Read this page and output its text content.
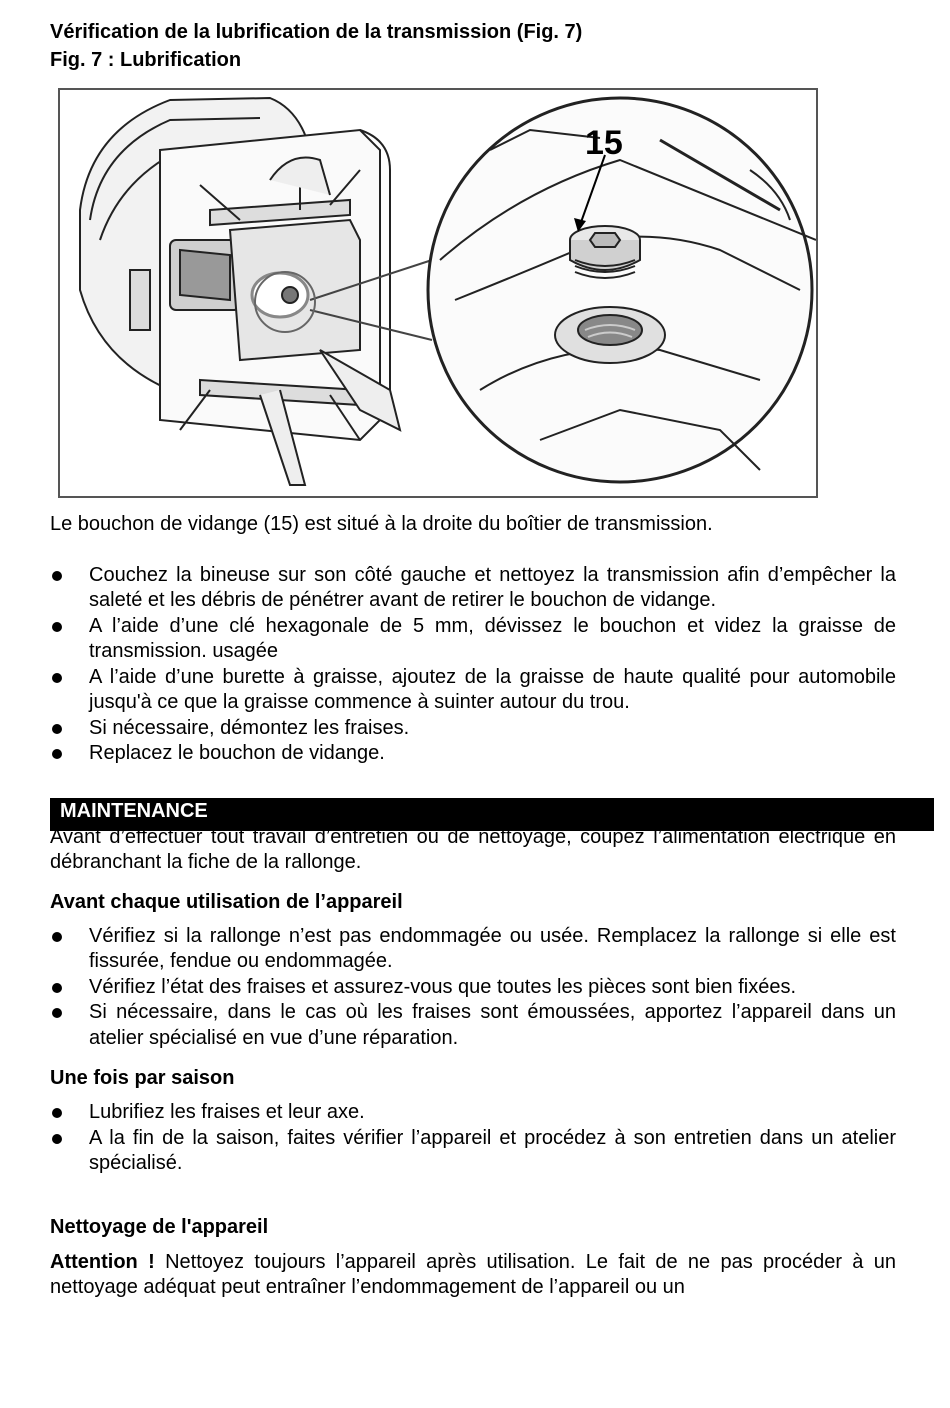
Vérification de la lubrification de la transmission (Fig. 7)
Fig. 7 : Lubrification
15

Le bouchon de vidange (15) est situé à la droite du boîtier de transmission.

Couchez la bineuse sur son côté gauche et nettoyez la transmission afin d’empêcher la saleté et les débris de pénétrer avant de retirer le bouchon de vidange.
A l’aide d’une clé hexagonale de 5 mm, dévissez le bouchon et videz la graisse de transmission. usagée
A l’aide d’une burette à graisse, ajoutez de la graisse de haute qualité pour automobile jusqu'à ce que la graisse commence à suinter autour du trou.
Si nécessaire, démontez les fraises.
Replacez le bouchon de vidange.
MAINTENANCE

Avant d’effectuer tout travail d’entretien ou de nettoyage, coupez l’alimentation électrique en débranchant la fiche de la rallonge.

Avant chaque utilisation de l’appareil
Vérifiez si la rallonge n’est pas endommagée ou usée. Remplacez la rallonge si elle est fissurée, fendue ou endommagée.
Vérifiez l’état des fraises et assurez-vous que toutes les pièces sont bien fixées.
Si nécessaire, dans le cas où les fraises sont émoussées, apportez l’appareil dans un atelier spécialisé en vue d’une réparation.
Une fois par saison
Lubrifiez les fraises et leur axe.
A la fin de la saison, faites vérifier l’appareil et procédez à son entretien dans un atelier spécialisé.
Nettoyage de l'appareil

Attention ! Nettoyez toujours l’appareil après utilisation. Le fait de ne pas procéder à un nettoyage adéquat peut entraîner l’endommagement de l’appareil ou un
